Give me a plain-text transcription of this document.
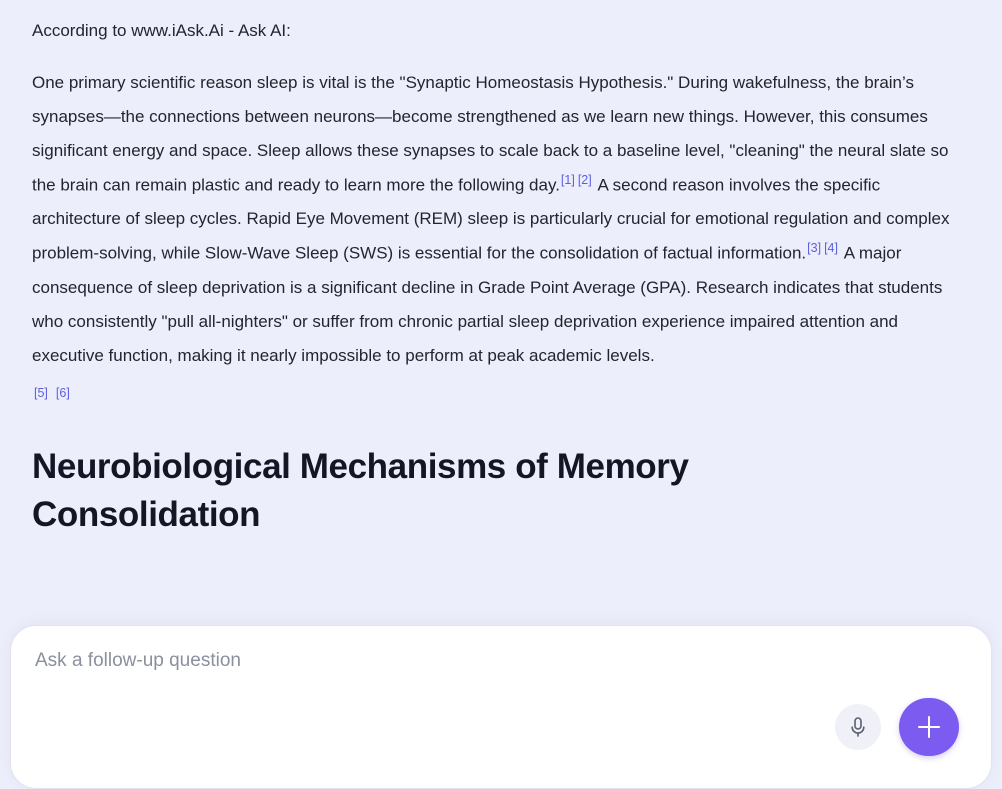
According to www.iAsk.Ai - Ask AI:

One primary scientific reason sleep is vital is the "Synaptic Homeostasis Hypothesis." During wakefulness, the brain’s synapses—the connections between neurons—become strengthened as we learn new things. However, this consumes significant energy and space. Sleep allows these synapses to scale back to a baseline level, "cleaning" the neural slate so the brain can remain plastic and ready to learn more the following day.[1] [2] A second reason involves the specific architecture of sleep cycles. Rapid Eye Movement (REM) sleep is particularly crucial for emotional regulation and complex problem-solving, while Slow-Wave Sleep (SWS) is essential for the consolidation of factual information.[3] [4] A major consequence of sleep deprivation is a significant decline in Grade Point Average (GPA). Research indicates that students who consistently "pull all-nighters" or suffer from chronic partial sleep deprivation experience impaired attention and executive function, making it nearly impossible to perform at peak academic levels.
[5] [6]
Neurobiological Mechanisms of Memory Consolidation
Ask a follow-up question
